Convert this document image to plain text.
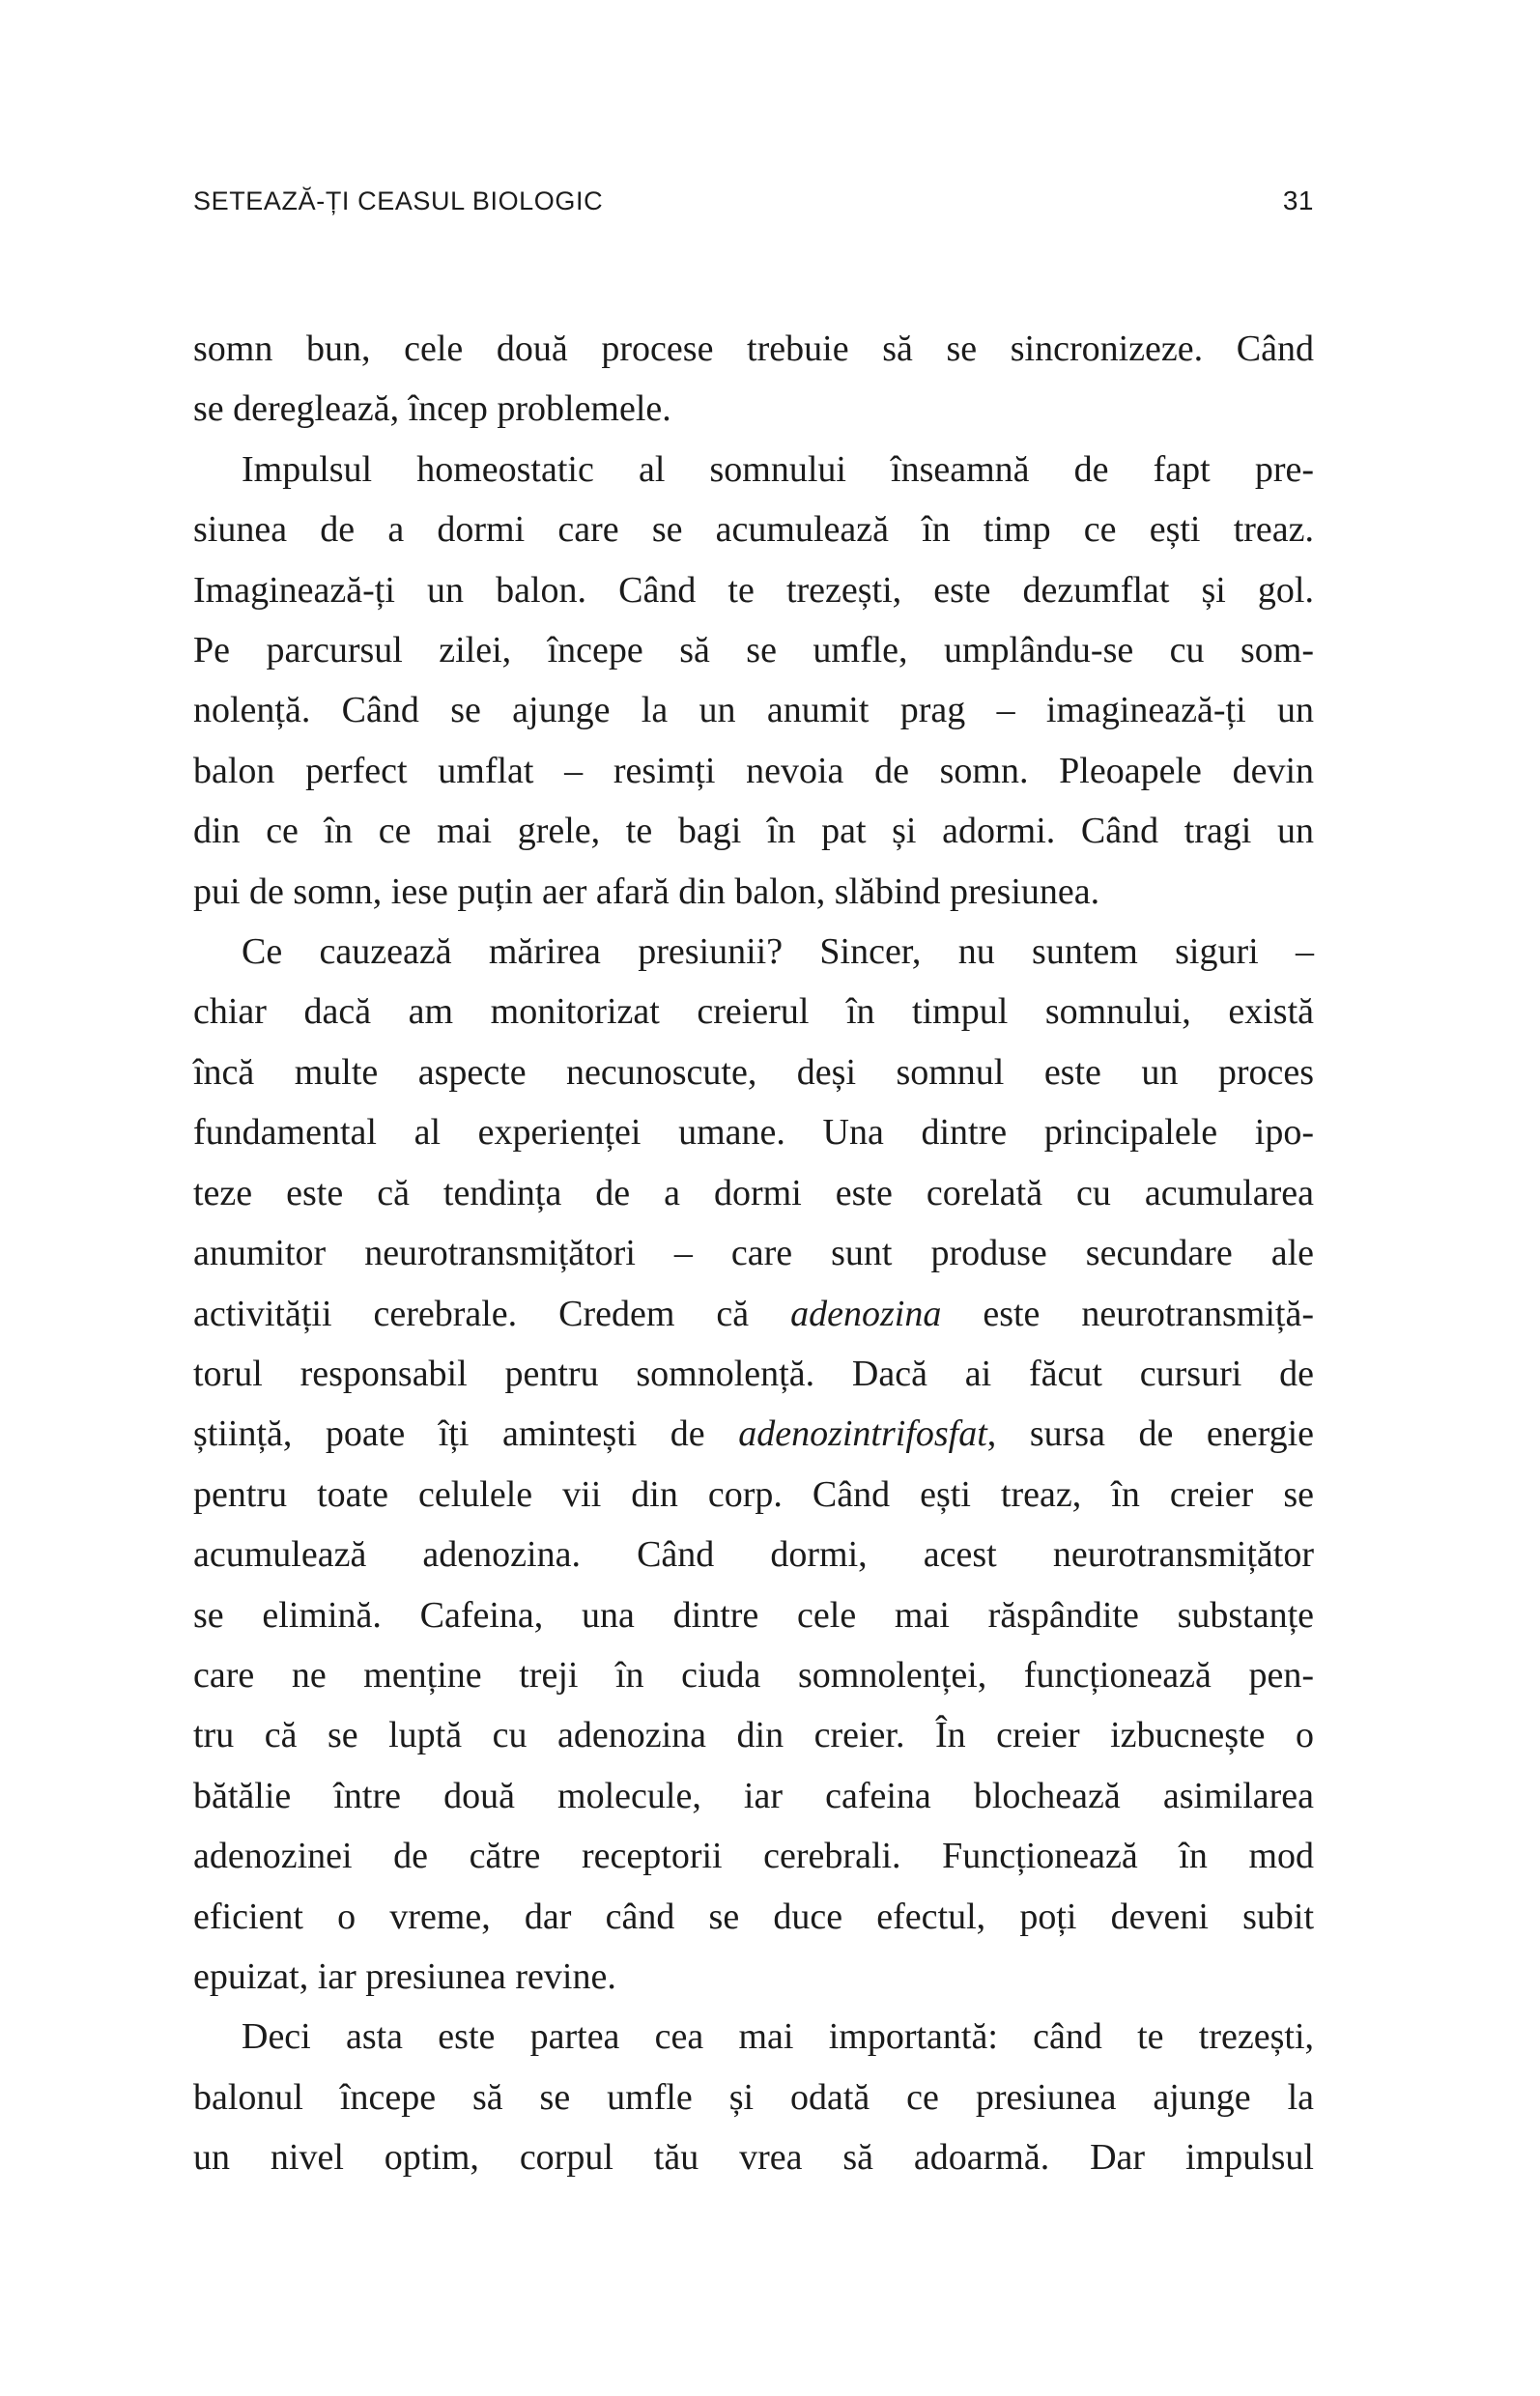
SETEAZĂ-ȚI CEASUL BIOLOGIC	31
somn bun, cele două procese trebuie să se sincronizeze. Când
se dereglează, încep problemele.
Impulsul homeostatic al somnului înseamnă de fapt pre-
siunea de a dormi care se acumulează în timp ce ești treaz.
Imaginează-ți un balon. Când te trezești, este dezumflat și gol.
Pe parcursul zilei, începe să se umfle, umplându-se cu som-
nolență. Când se ajunge la un anumit prag – imaginează-ți un
balon perfect umflat – resimți nevoia de somn. Pleoapele devin
din ce în ce mai grele, te bagi în pat și adormi. Când tragi un
pui de somn, iese puțin aer afară din balon, slăbind presiunea.
Ce cauzează mărirea presiunii? Sincer, nu suntem siguri –
chiar dacă am monitorizat creierul în timpul somnului, există
încă multe aspecte necunoscute, deși somnul este un proces
fundamental al experienței umane. Una dintre principalele ipo-
teze este că tendința de a dormi este corelată cu acumularea
anumitor neurotransmițători – care sunt produse secundare ale
activității cerebrale. Credem că adenozina este neurotransmiță-
torul responsabil pentru somnolență. Dacă ai făcut cursuri de
știință, poate îți amintești de adenozintrifosfat, sursa de energie
pentru toate celulele vii din corp. Când ești treaz, în creier se
acumulează adenozina. Când dormi, acest neurotransmițător
se elimină. Cafeina, una dintre cele mai răspândite substanțe
care ne menține treji în ciuda somnolenței, funcționează pen-
tru că se luptă cu adenozina din creier. În creier izbucnește o
bătălie între două molecule, iar cafeina blochează asimilarea
adenozinei de către receptorii cerebrali. Funcționează în mod
eficient o vreme, dar când se duce efectul, poți deveni subit
epuizat, iar presiunea revine.
Deci asta este partea cea mai importantă: când te trezești,
balonul începe să se umfle și odată ce presiunea ajunge la
un nivel optim, corpul tău vrea să adoarmă. Dar impulsul
